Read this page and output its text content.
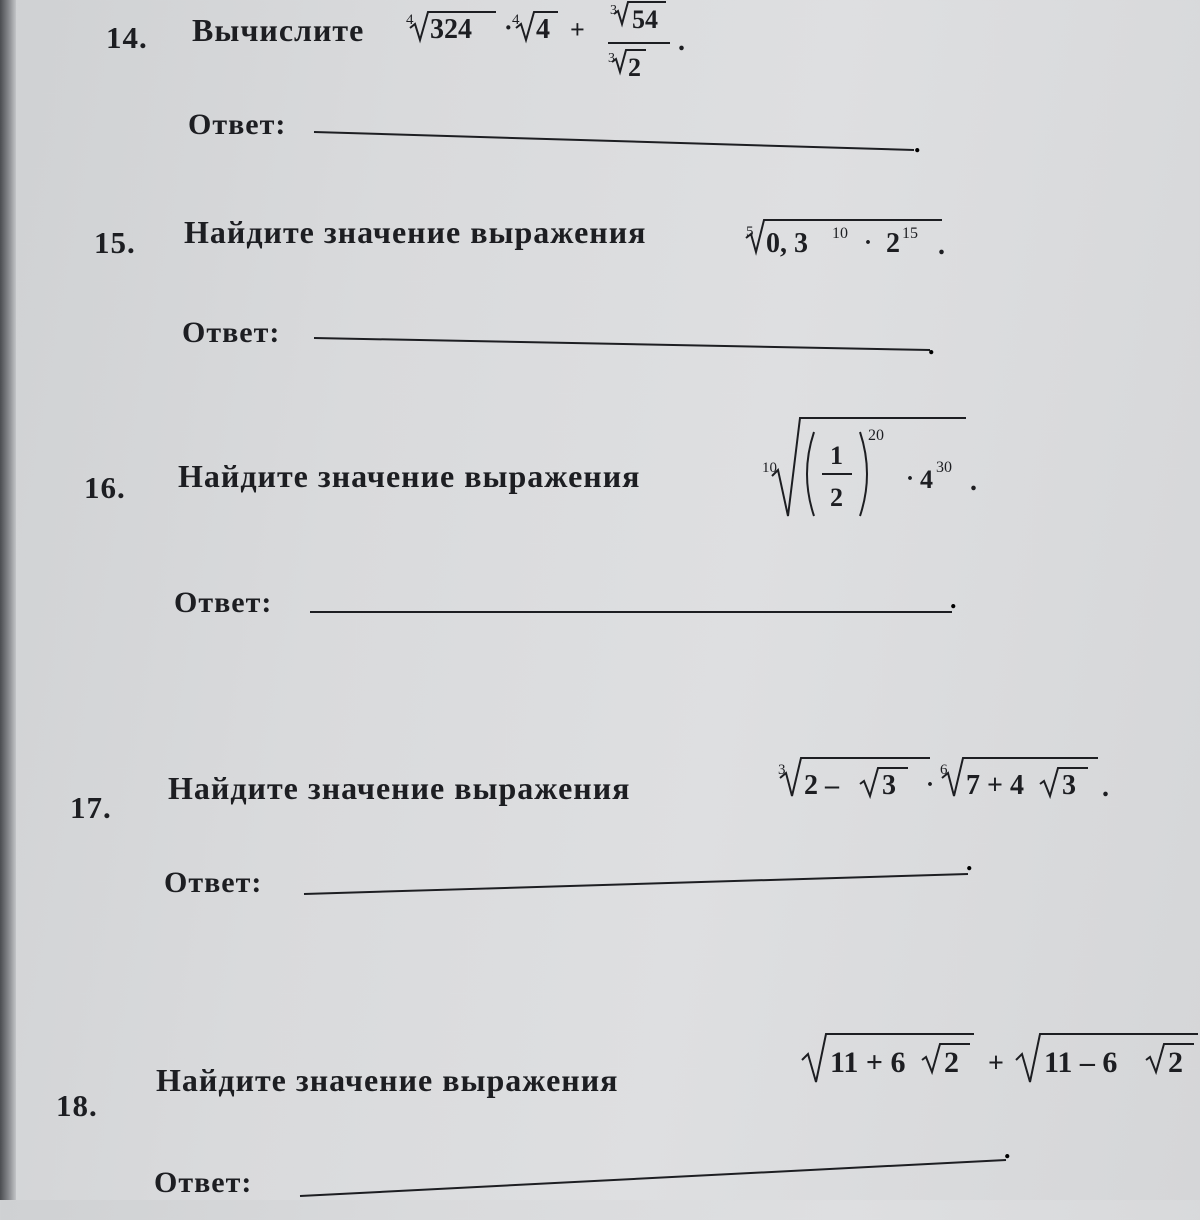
14. Вычислите	4 324 · 4 4 +
3 54
3 2
.
Ответ:
.
15. Найдите значение выражения	5 0, 3 10 · 2 15 .
Ответ:	.
16. Найдите значение выражения	10 1
2
20
· 4 30 .
Ответ:	.
17.
Найдите значение выражения	3 2 – 3 ·
6 7 + 4 3 .
Ответ:
.
18.
Найдите значение выражения	11 + 6 2 + 11 – 6 2
Ответ:
.
